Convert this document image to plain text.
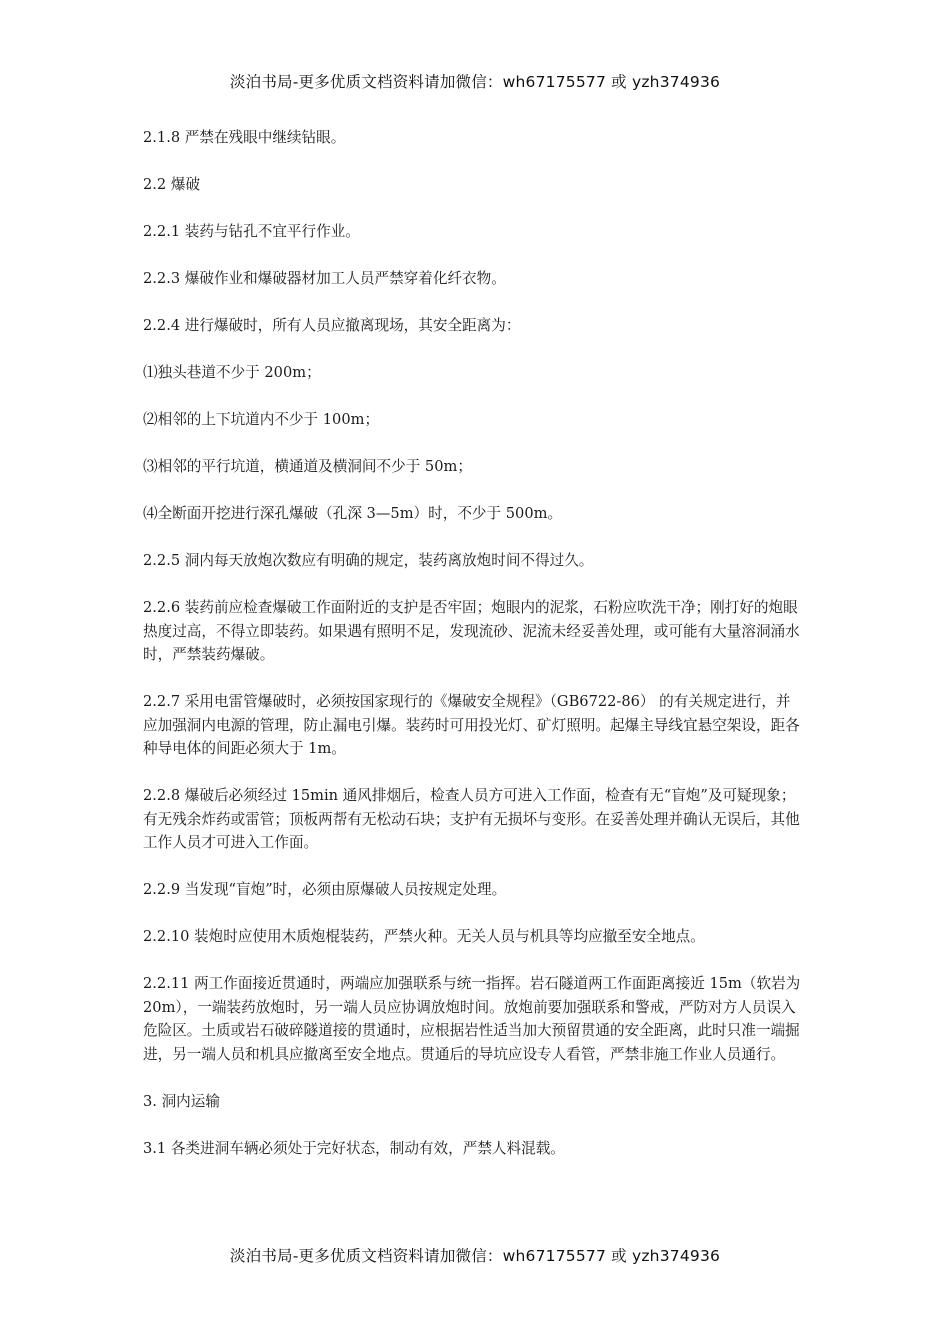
淡泊书局-更多优质文档资料请加微信：wh67175577 或 yzh374936

2.1.8 严禁在残眼中继续钻眼。

2.2 爆破

2.2.1 装药与钻孔不宜平行作业。

2.2.3 爆破作业和爆破器材加工人员严禁穿着化纤衣物。

2.2.4 进行爆破时，所有人员应撤离现场，其安全距离为：

⑴独头巷道不少于 200m；

⑵相邻的上下坑道内不少于 100m；

⑶相邻的平行坑道，横通道及横洞间不少于 50m；

⑷全断面开挖进行深孔爆破（孔深 3—5m）时，不少于 500m。

2.2.5 洞内每天放炮次数应有明确的规定，装药离放炮时间不得过久。

2.2.6 装药前应检查爆破工作面附近的支护是否牢固；炮眼内的泥浆，石粉应吹洗干净；刚打好的炮眼热度过高，不得立即装药。如果遇有照明不足，发现流砂、泥流未经妥善处理，或可能有大量溶洞涌水时，严禁装药爆破。

2.2.7 采用电雷管爆破时，必须按国家现行的《爆破安全规程》（GB6722-86） 的有关规定进行，并应加强洞内电源的管理，防止漏电引爆。装药时可用投光灯、矿灯照明。起爆主导线宜悬空架设，距各种导电体的间距必须大于 1m。

2.2.8 爆破后必须经过 15min 通风排烟后，检查人员方可进入工作面，检查有无“盲炮”及可疑现象；有无残余炸药或雷管；顶板两帮有无松动石块；支护有无损坏与变形。在妥善处理并确认无误后，其他工作人员才可进入工作面。

2.2.9 当发现“盲炮”时，必须由原爆破人员按规定处理。

2.2.10 装炮时应使用木质炮棍装药，严禁火种。无关人员与机具等均应撤至安全地点。

2.2.11 两工作面接近贯通时，两端应加强联系与统一指挥。岩石隧道两工作面距离接近 15m（软岩为 20m），一端装药放炮时，另一端人员应协调放炮时间。放炮前要加强联系和警戒，严防对方人员误入危险区。土质或岩石破碎隧道接的贯通时，应根据岩性适当加大预留贯通的安全距离，此时只准一端掘进，另一端人员和机具应撤离至安全地点。贯通后的导坑应设专人看管，严禁非施工作业人员通行。

3. 洞内运输

3.1 各类进洞车辆必须处于完好状态，制动有效，严禁人料混载。

淡泊书局-更多优质文档资料请加微信：wh67175577 或 yzh374936
